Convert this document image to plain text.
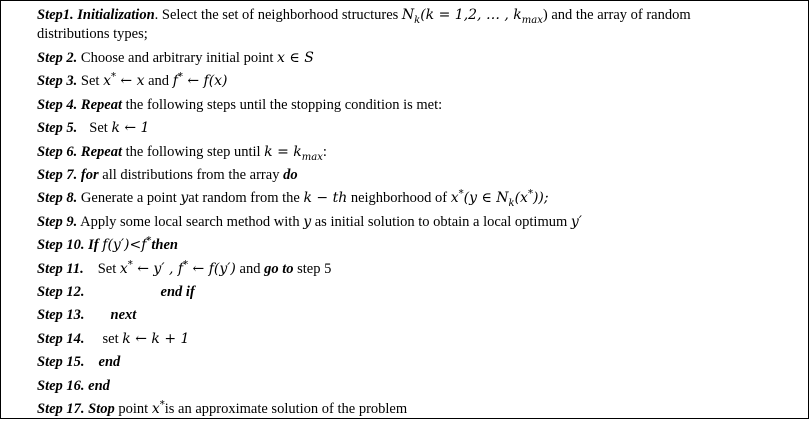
Step1. Initialization. Select the set of neighborhood structures $N_k(k = 1,2$, … , $k_{max}$) and the array of random
distributions types;
Step 2. Choose and arbitrary initial point x ∈ S
Step 3. Set x* ← x and f* ← f(x)
Step 4. Repeat the following steps until the stopping condition is met:
Step 5. Set k ← 1
Step 6. Repeat the following step until $k = k_{max}$:
Step 7. for all distributions from the array do
Step 8. Generate a point yat random from the k − th neighborhood of x*(y ∈ $N_k(x^*)$);
Step 9. Apply some local search method with y as initial solution to obtain a local optimum y′
Step 10. If f(y′)<f*then
Step 11. Set x* ← y′ , f* ← f(y′) and go to step 5
Step 12.	end if
Step 13. next
Step 14. set k ← k + 1
Step 15. end
Step 16. end
Step 17. Stop point x*is an approximate solution of the problem
